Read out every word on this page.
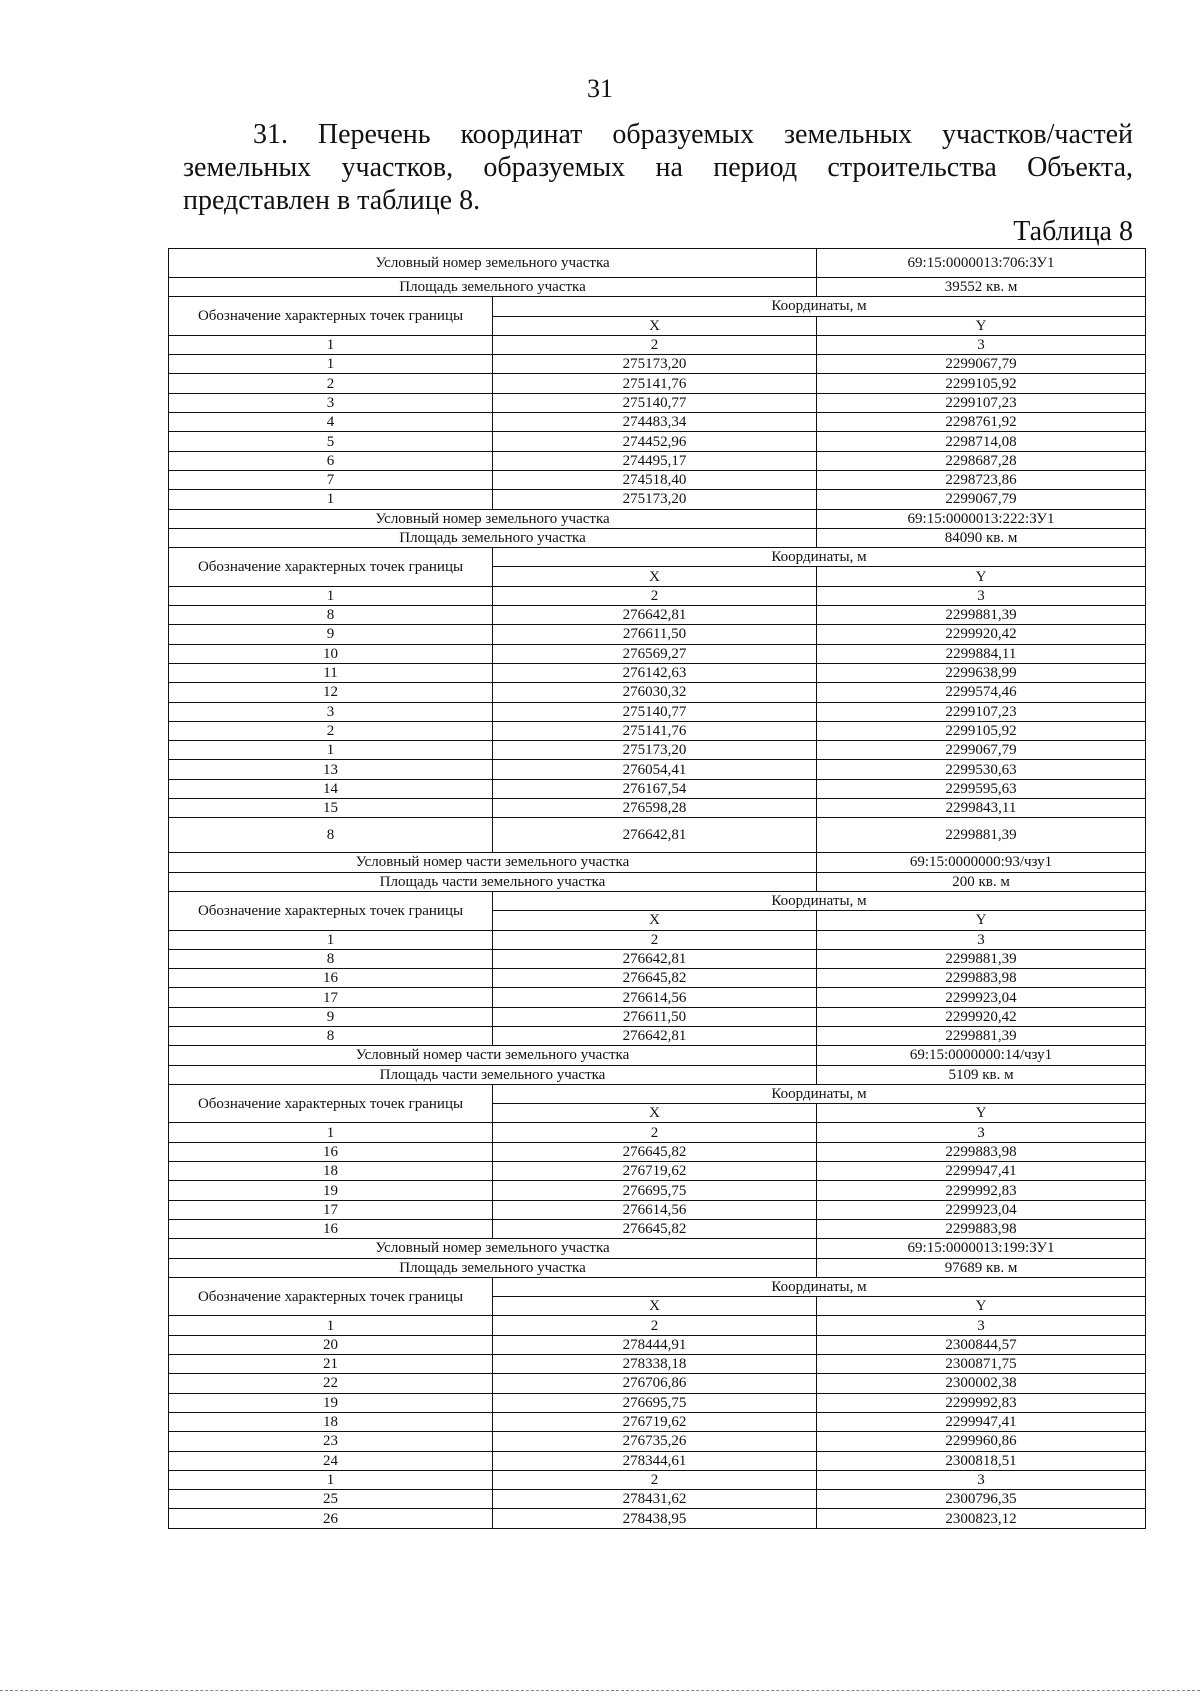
31

31. Перечень координат образуемых земельных участков/частей земельных участков, образуемых на период строительства Объекта, представлен в таблице 8.

Таблица 8
Условный номер земельного участка		69:15:0000013:706:ЗУ1
Площадь земельного участка		39552 кв. м
Обозначение характерных точек границы	Координаты, м	
	X	Y
1	2	3
1	275173,20	2299067,79
2	275141,76	2299105,92
3	275140,77	2299107,23
4	274483,34	2298761,92
5	274452,96	2298714,08
6	274495,17	2298687,28
7	274518,40	2298723,86
1	275173,20	2299067,79
Условный номер земельного участка		69:15:0000013:222:ЗУ1
Площадь земельного участка		84090 кв. м
Обозначение характерных точек границы	Координаты, м	
	X	Y
1	2	3
8	276642,81	2299881,39
9	276611,50	2299920,42
10	276569,27	2299884,11
11	276142,63	2299638,99
12	276030,32	2299574,46
3	275140,77	2299107,23
2	275141,76	2299105,92
1	275173,20	2299067,79
13	276054,41	2299530,63
14	276167,54	2299595,63
15	276598,28	2299843,11
8	276642,81	2299881,39
Условный номер части земельного участка		69:15:0000000:93/чзу1
Площадь части земельного участка		200 кв. м
Обозначение характерных точек границы	Координаты, м	
	X	Y
1	2	3
8	276642,81	2299881,39
16	276645,82	2299883,98
17	276614,56	2299923,04
9	276611,50	2299920,42
8	276642,81	2299881,39
Условный номер части земельного участка		69:15:0000000:14/чзу1
Площадь части земельного участка		5109 кв. м
Обозначение характерных точек границы	Координаты, м	
	X	Y
1	2	3
16	276645,82	2299883,98
18	276719,62	2299947,41
19	276695,75	2299992,83
17	276614,56	2299923,04
16	276645,82	2299883,98
Условный номер земельного участка		69:15:0000013:199:ЗУ1
Площадь земельного участка		97689 кв. м
Обозначение характерных точек границы	Координаты, м	
	X	Y
1	2	3
20	278444,91	2300844,57
21	278338,18	2300871,75
22	276706,86	2300002,38
19	276695,75	2299992,83
18	276719,62	2299947,41
23	276735,26	2299960,86
24	278344,61	2300818,51
1	2	3
25	278431,62	2300796,35
26	278438,95	2300823,12
